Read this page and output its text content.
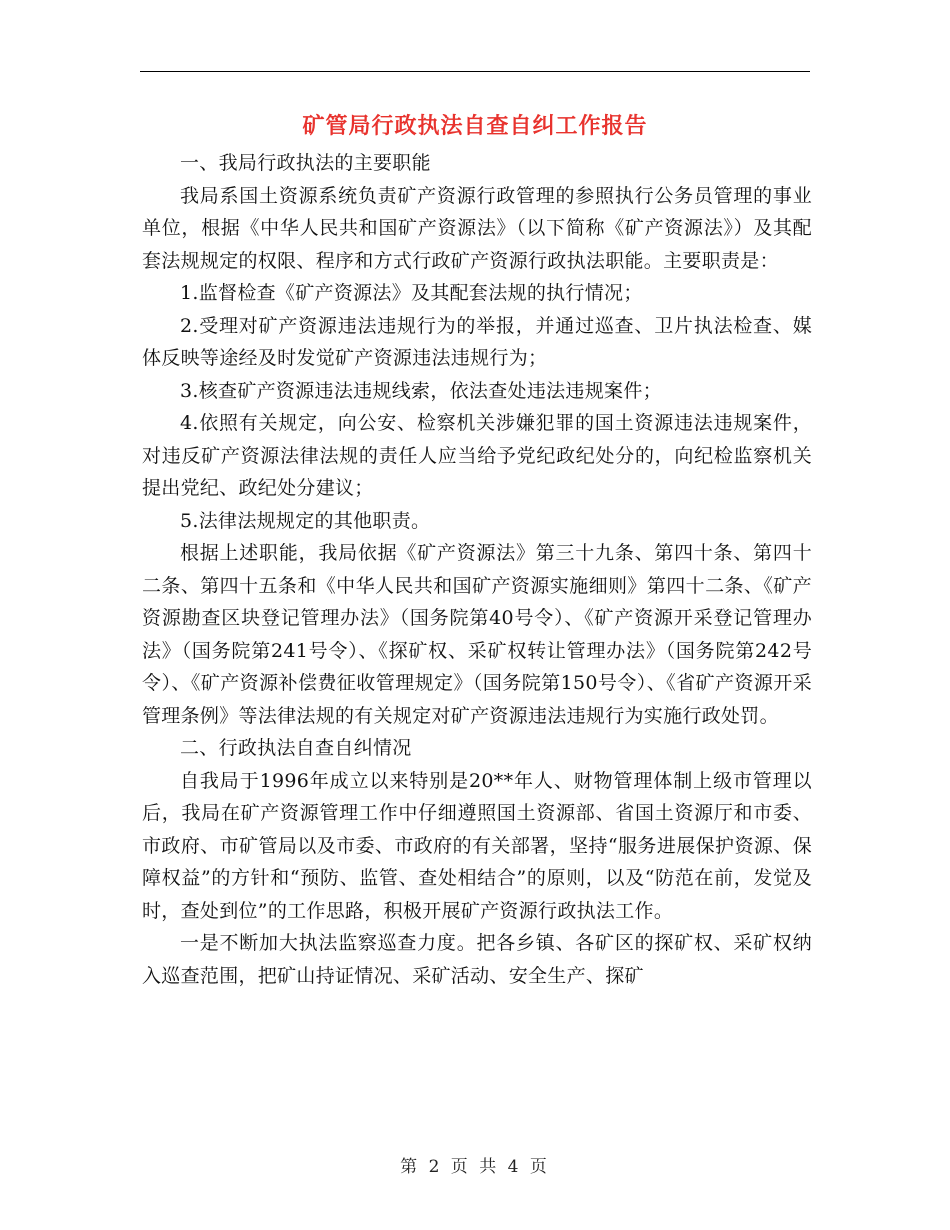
矿管局行政执法自查自纠工作报告

一、我局行政执法的主要职能

我局系国土资源系统负责矿产资源行政管理的参照执行公务员管理的事业单位，根据《中华人民共和国矿产资源法》（以下简称《矿产资源法》）及其配套法规规定的权限、程序和方式行政矿产资源行政执法职能。主要职责是：

1.监督检查《矿产资源法》及其配套法规的执行情况；

2.受理对矿产资源违法违规行为的举报，并通过巡查、卫片执法检查、媒体反映等途经及时发觉矿产资源违法违规行为；

3.核查矿产资源违法违规线索，依法查处违法违规案件；

4.依照有关规定，向公安、检察机关涉嫌犯罪的国土资源违法违规案件，对违反矿产资源法律法规的责任人应当给予党纪政纪处分的，向纪检监察机关提出党纪、政纪处分建议；

5.法律法规规定的其他职责。

根据上述职能，我局依据《矿产资源法》第三十九条、第四十条、第四十二条、第四十五条和《中华人民共和国矿产资源实施细则》第四十二条、《矿产资源勘查区块登记管理办法》（国务院第40号令）、《矿产资源开采登记管理办法》（国务院第241号令）、《探矿权、采矿权转让管理办法》（国务院第242号令）、《矿产资源补偿费征收管理规定》（国务院第150号令）、《省矿产资源开采管理条例》等法律法规的有关规定对矿产资源违法违规行为实施行政处罚。

二、行政执法自查自纠情况

自我局于1996年成立以来特别是20**年人、财物管理体制上级市管理以后，我局在矿产资源管理工作中仔细遵照国土资源部、省国土资源厅和市委、市政府、市矿管局以及市委、市政府的有关部署，坚持“服务进展保护资源、保障权益”的方针和“预防、监管、查处相结合”的原则，以及“防范在前，发觉及时，查处到位”的工作思路，积极开展矿产资源行政执法工作。

一是不断加大执法监察巡查力度。把各乡镇、各矿区的探矿权、采矿权纳入巡查范围，把矿山持证情况、采矿活动、安全生产、探矿

第 2 页 共 4 页
